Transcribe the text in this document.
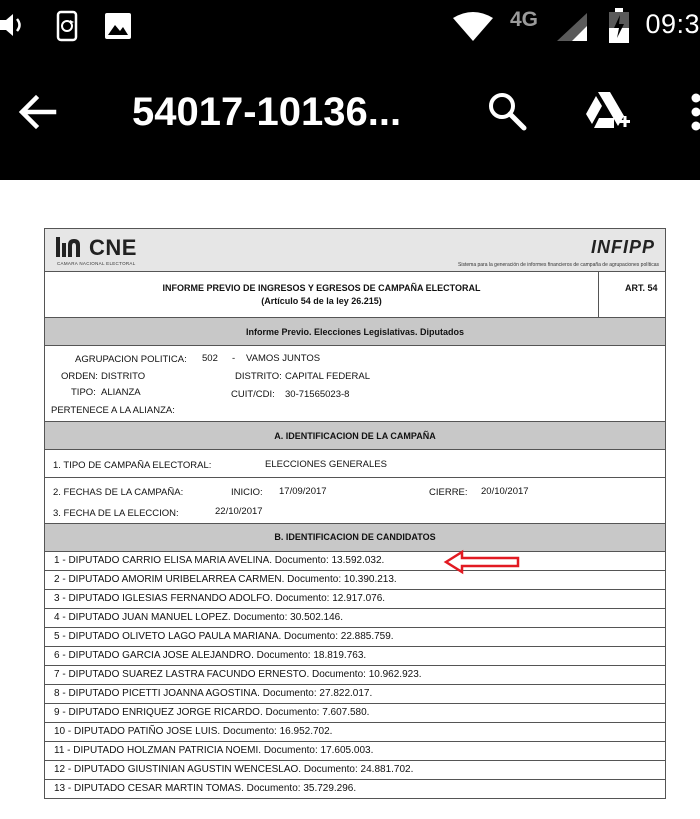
4G	09:3
54017-10136...
CNE
CAMARA NACIONAL ELECTORAL
INFIPP
Sistema para la generación de informes financieros de campaña de agrupaciones políticas
INFORME PREVIO DE INGRESOS Y EGRESOS DE CAMPAÑA ELECTORAL
(Artículo 54 de la ley 26.215)
ART. 54
Informe Previo. Elecciones Legislativas. Diputados
AGRUPACION POLITICA: 502 - VAMOS JUNTOS
ORDEN: DISTRITO	DISTRITO: CAPITAL FEDERAL
TIPO: ALIANZA	CUIT/CDI: 30-71565023-8
PERTENECE A LA ALIANZA:
A. IDENTIFICACION DE LA CAMPAÑA
1. TIPO DE CAMPAÑA ELECTORAL:	ELECCIONES GENERALES
2. FECHAS DE LA CAMPAÑA:	INICIO: 17/09/2017	CIERRE: 20/10/2017
3. FECHA DE LA ELECCION:	22/10/2017
B. IDENTIFICACION DE CANDIDATOS
1 - DIPUTADO CARRIO ELISA MARIA AVELINA. Documento: 13.592.032.
2 - DIPUTADO AMORIM URIBELARREA CARMEN. Documento: 10.390.213.
3 - DIPUTADO IGLESIAS FERNANDO ADOLFO. Documento: 12.917.076.
4 - DIPUTADO JUAN MANUEL LOPEZ. Documento: 30.502.146.
5 - DIPUTADO OLIVETO LAGO PAULA MARIANA. Documento: 22.885.759.
6 - DIPUTADO GARCIA JOSE ALEJANDRO. Documento: 18.819.763.
7 - DIPUTADO SUAREZ LASTRA FACUNDO ERNESTO. Documento: 10.962.923.
8 - DIPUTADO PICETTI JOANNA AGOSTINA. Documento: 27.822.017.
9 - DIPUTADO ENRIQUEZ JORGE RICARDO. Documento: 7.607.580.
10 - DIPUTADO PATIÑO JOSE LUIS. Documento: 16.952.702.
11 - DIPUTADO HOLZMAN PATRICIA NOEMI. Documento: 17.605.003.
12 - DIPUTADO GIUSTINIAN AGUSTIN WENCESLAO. Documento: 24.881.702.
13 - DIPUTADO CESAR MARTIN TOMAS. Documento: 35.729.296.
